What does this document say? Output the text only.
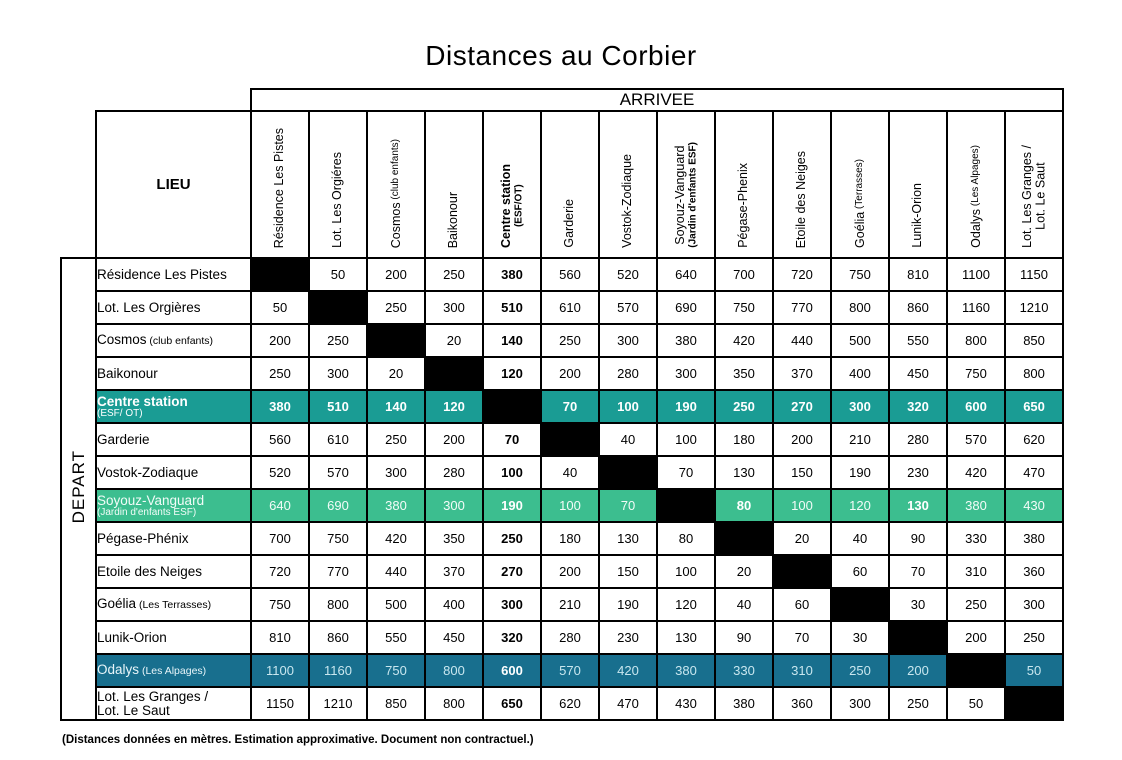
Distances au Corbier
		ARRIVEE													
	LIEU	Résidence Les Pistes	Lot. Les Orgiéres	Cosmos (club enfants)	Baikonour	Centre station (ESF/OT)	Garderie	Vostok-Zodiaque	Soyouz-Vanguard (Jardin d'enfants ESF)	Pégase-Phenix	Etoile des Neiges	Goélia (Terrasses)	Lunik-Orion	Odalys (Les Alpages)	Lot. Les Granges / Lot. Le Saut

DEPART	Résidence Les Pistes		50	200	250	380	560	520	640	700	720	750	810	1100	1150

	Lot. Les Orgières	50		250	300	510	610	570	690	750	770	800	860	1160	1210

	Cosmos (club enfants)	200	250		20	140	250	300	380	420	440	500	550	800	850

	Baikonour	250	300	20		120	200	280	300	350	370	400	450	750	800

	Centre station
(ESF/ OT)	380	510	140	120		70	100	190	250	270	300	320	600	650

	Garderie	560	610	250	200	70		40	100	180	200	210	280	570	620

	Vostok-Zodiaque	520	570	300	280	100	40		70	130	150	190	230	420	470

	Soyouz-Vanguard
(Jardin d'enfants ESF)	640	690	380	300	190	100	70		80	100	120	130	380	430

	Pégase-Phénix	700	750	420	350	250	180	130	80		20	40	90	330	380

	Etoile des Neiges	720	770	440	370	270	200	150	100	20		60	70	310	360

	Goélia (Les Terrasses)	750	800	500	400	300	210	190	120	40	60		30	250	300

	Lunik-Orion	810	860	550	450	320	280	230	130	90	70	30		200	250

	Odalys (Les Alpages)	1100	1160	750	800	600	570	420	380	330	310	250	200		50

	Lot. Les Granges /
Lot. Le Saut	1150	1210	850	800	650	620	470	430	380	360	300	250	50	
(Distances données en mètres. Estimation approximative. Document non contractuel.)
